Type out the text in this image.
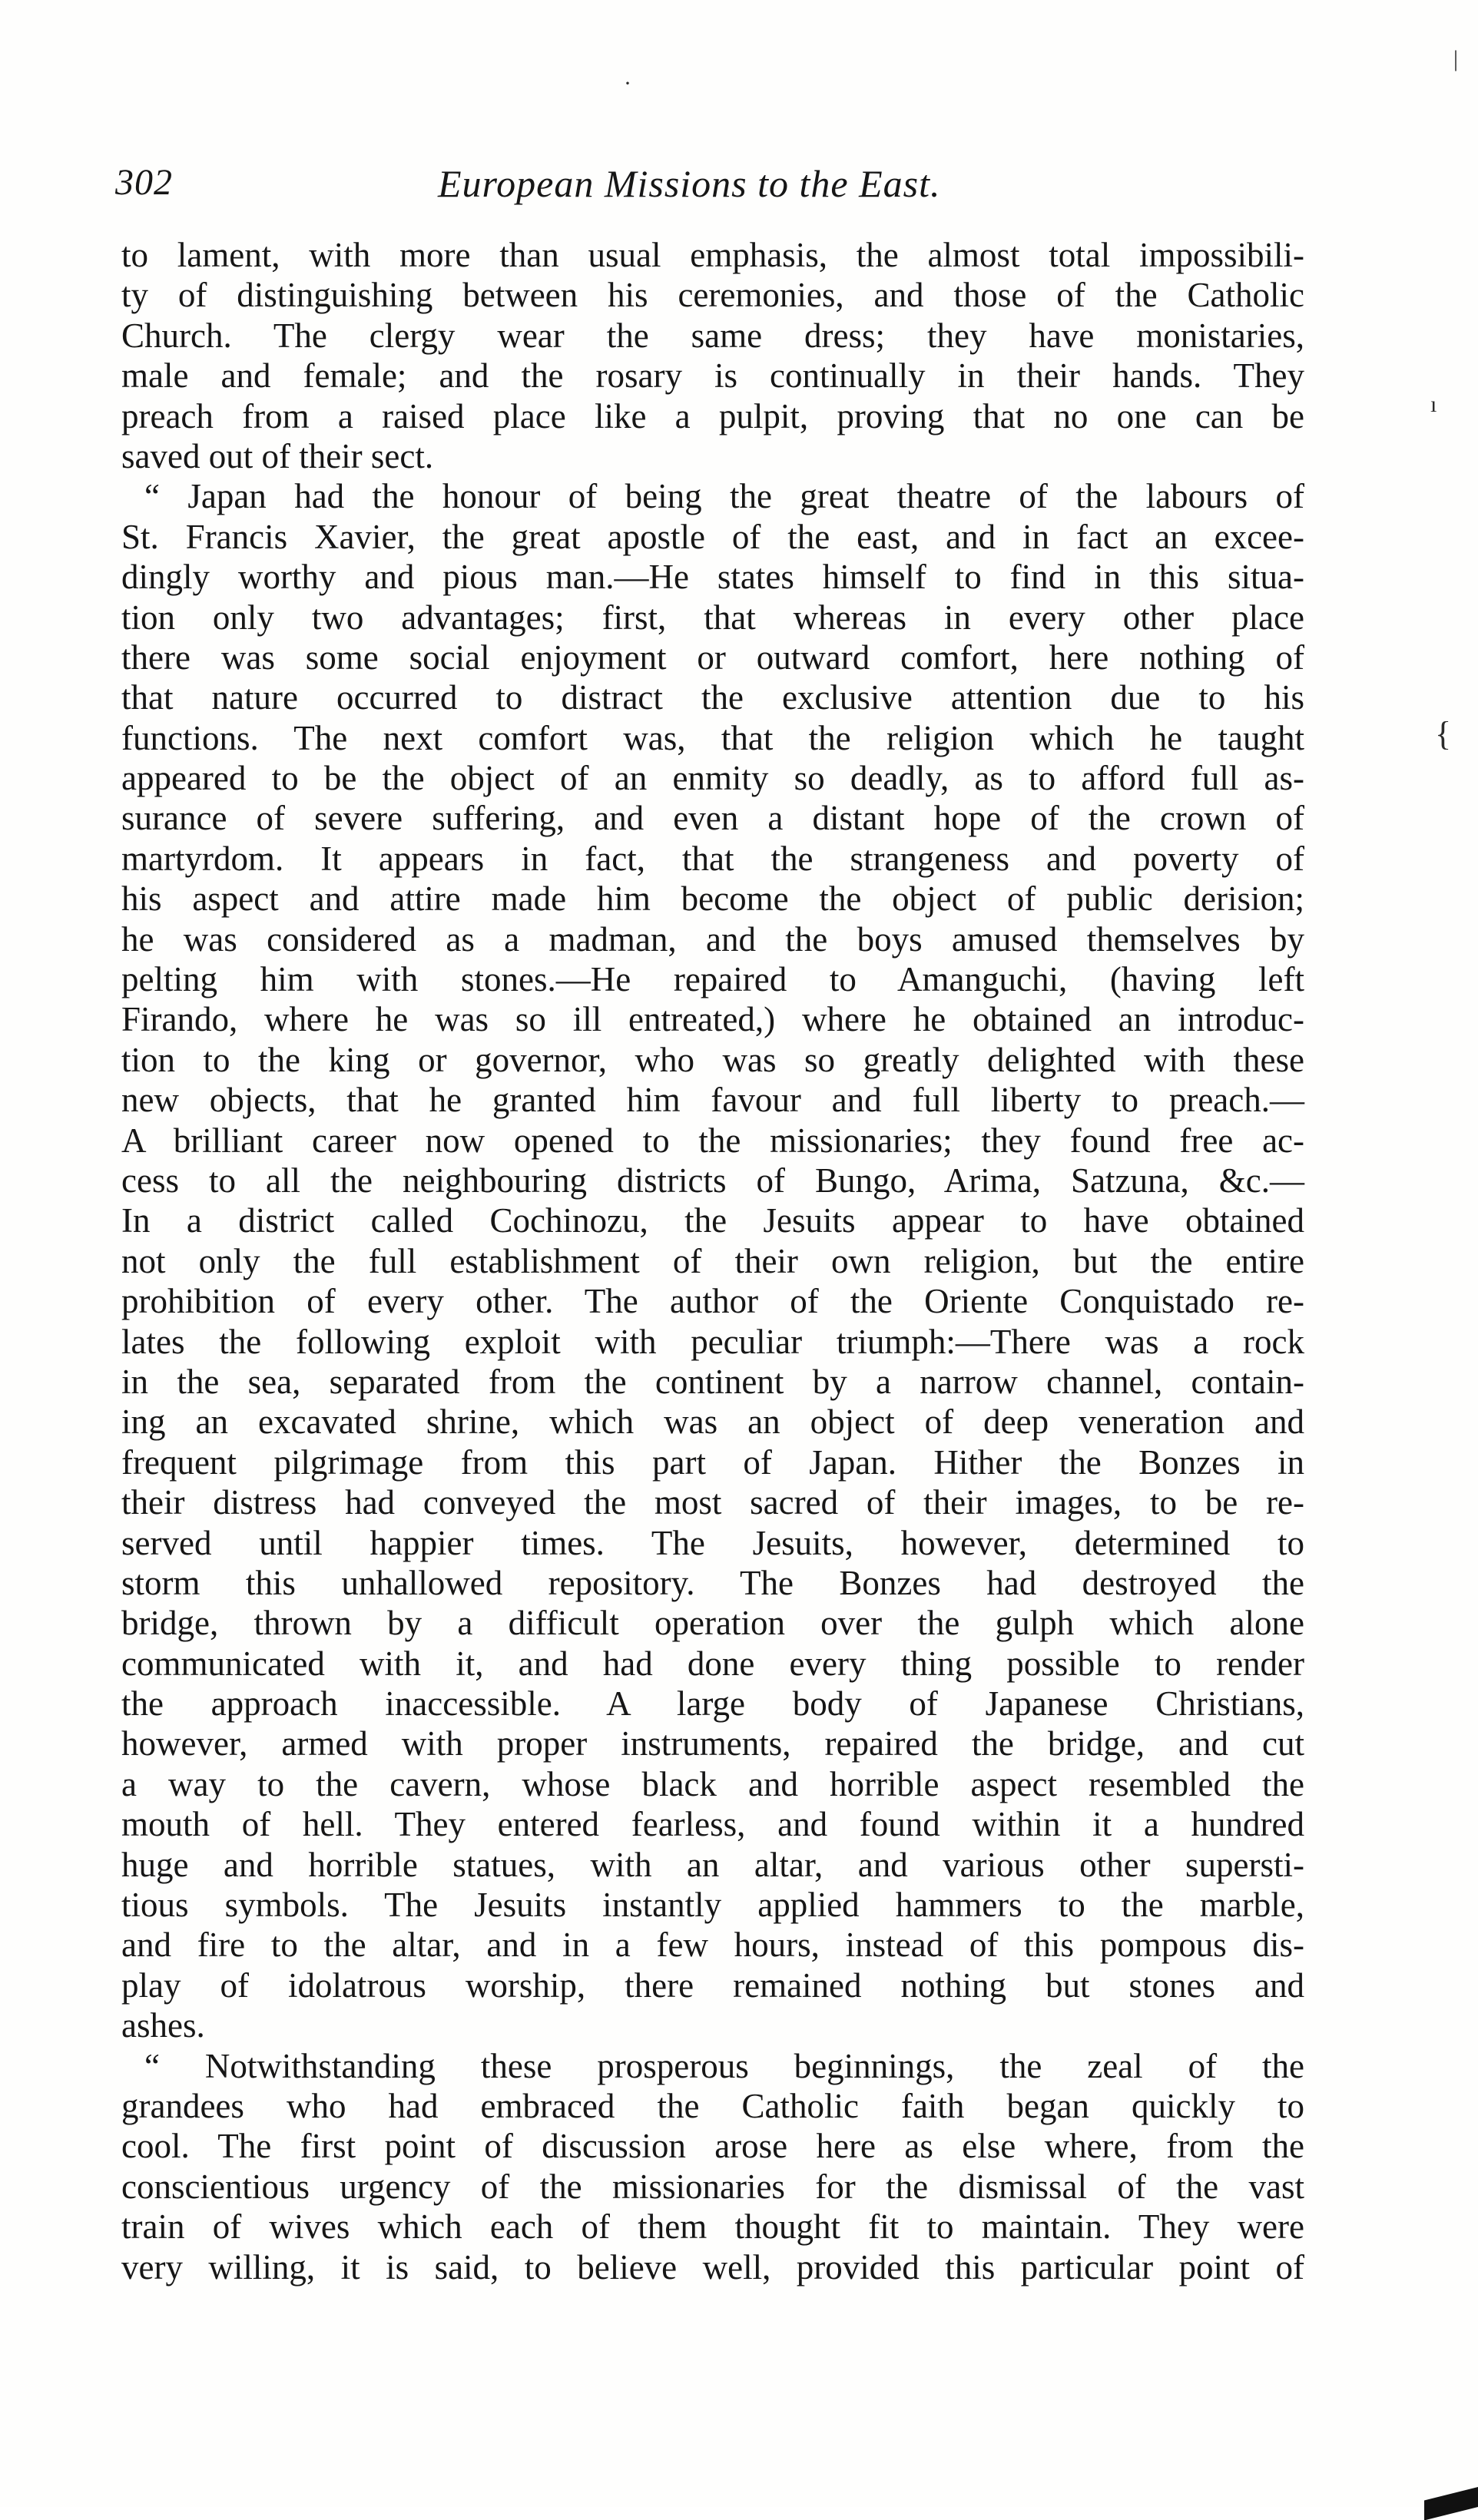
·
|
ı
{
302	European Missions to the East.
to lament, with more than usual emphasis, the almost total impossibili-
ty of distinguishing between his ceremonies, and those of the Catholic
Church. The clergy wear the same dress; they have monistaries,
male and female; and the rosary is continually in their hands. They
preach from a raised place like a pulpit, proving that no one can be
saved out of their sect.
“ Japan had the honour of being the great theatre of the labours of
St. Francis Xavier, the great apostle of the east, and in fact an excee-
dingly worthy and pious man.—He states himself to find in this situa-
tion only two advantages; first, that whereas in every other place
there was some social enjoyment or outward comfort, here nothing of
that nature occurred to distract the exclusive attention due to his
functions. The next comfort was, that the religion which he taught
appeared to be the object of an enmity so deadly, as to afford full as-
surance of severe suffering, and even a distant hope of the crown of
martyrdom. It appears in fact, that the strangeness and poverty of
his aspect and attire made him become the object of public derision;
he was considered as a madman, and the boys amused themselves by
pelting him with stones.—He repaired to Amanguchi, (having left
Firando, where he was so ill entreated,) where he obtained an introduc-
tion to the king or governor, who was so greatly delighted with these
new objects, that he granted him favour and full liberty to preach.—
A brilliant career now opened to the missionaries; they found free ac-
cess to all the neighbouring districts of Bungo, Arima, Satzuna, &c.—
In a district called Cochinozu, the Jesuits appear to have obtained
not only the full establishment of their own religion, but the entire
prohibition of every other. The author of the Oriente Conquistado re-
lates the following exploit with peculiar triumph:—There was a rock
in the sea, separated from the continent by a narrow channel, contain-
ing an excavated shrine, which was an object of deep veneration and
frequent pilgrimage from this part of Japan. Hither the Bonzes in
their distress had conveyed the most sacred of their images, to be re-
served until happier times. The Jesuits, however, determined to
storm this unhallowed repository. The Bonzes had destroyed the
bridge, thrown by a difficult operation over the gulph which alone
communicated with it, and had done every thing possible to render
the approach inaccessible. A large body of Japanese Christians,
however, armed with proper instruments, repaired the bridge, and cut
a way to the cavern, whose black and horrible aspect resembled the
mouth of hell. They entered fearless, and found within it a hundred
huge and horrible statues, with an altar, and various other supersti-
tious symbols. The Jesuits instantly applied hammers to the marble,
and fire to the altar, and in a few hours, instead of this pompous dis-
play of idolatrous worship, there remained nothing but stones and
ashes.
“ Notwithstanding these prosperous beginnings, the zeal of the
grandees who had embraced the Catholic faith began quickly to
cool. The first point of discussion arose here as else where, from the
conscientious urgency of the missionaries for the dismissal of the vast
train of wives which each of them thought fit to maintain. They were
very willing, it is said, to believe well, provided this particular point of
